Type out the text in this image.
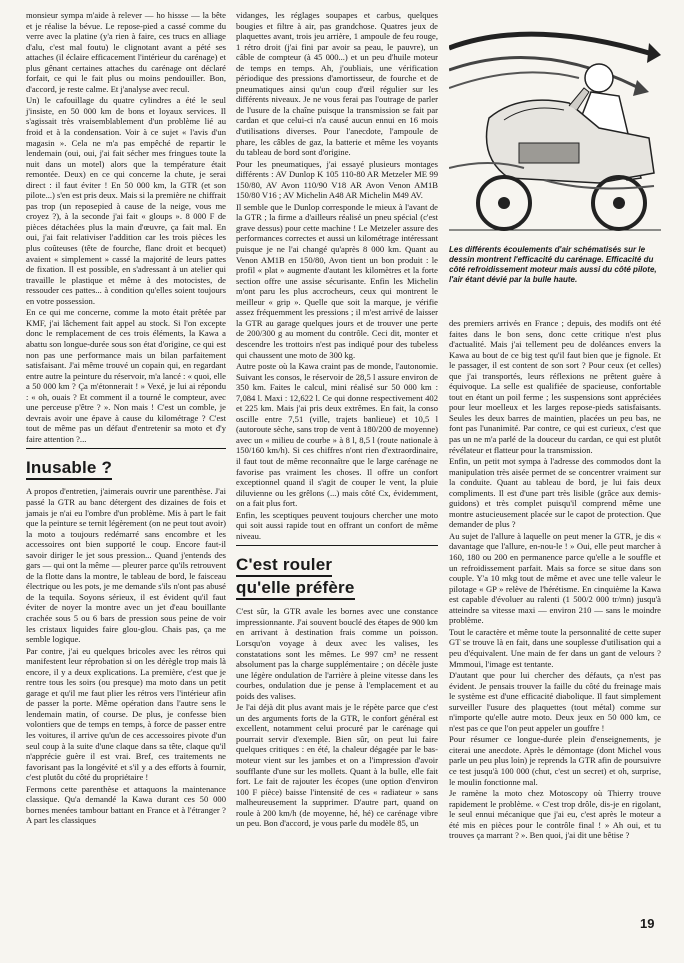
monsieur sympa m'aide à relever — ho hissse — la bête et je réalise la bévue. Le repose-pied a cassé comme du verre avec la platine (y'a rien à faire, ces trucs en alliage d'alu, c'est mal foutu) le clignotant avant a pété ses attaches (il éclaire efficacement l'intérieur du carénage) et plus gênant certaines attaches du carénage ont déclaré forfait, ce qui le fait plus ou moins pendouiller. Bon, d'accord, je reste calme. Et j'analyse avec recul.

Un) le cafouillage du quatre cylindres a été le seul j'insiste, en 50 000 km de bons et loyaux services. Il s'agissait très vraisemblablement d'un problème lié au froid et à la condensation. Voir à ce sujet « l'avis d'un magasin ». Cela ne m'a pas empêché de repartir le lendemain (oui, oui, j'ai fait sécher mes fringues toute la nuit dans un motel) alors que la température était remontée. Deux) en ce qui concerne la chute, je serai direct : il faut éviter ! En 50 000 km, la GTR (et son pilote...) s'en est pris deux. Mais si la première ne chiffrait pas trop (un reposepied à cause de la neige, vous me croyez ?), à la seconde j'ai fait « gloups ». 8 000 F de pièces détachées plus la main d'œuvre, ça fait mal. En oui, j'ai fait relativiser l'addition car les trois pièces les plus coûteuses (tête de fourche, flanc droit et becquet) avaient « simplement » cassé la majorité de leurs pattes de fixation. Il est possible, en s'adressant à un atelier qui travaille le plastique et même à des motocistes, de ressouder ces pattes... à condition qu'elles soient toujours en votre possession.

En ce qui me concerne, comme la moto était prêtée par KMF, j'ai lâchement fait appel au stock. Si l'on excepte donc le remplacement de ces trois éléments, la Kawa a abattu son longue-durée sous son état d'origine, ce qui est non pas une performance mais un bilan parfaitement satisfaisant. J'ai même trouvé un copain qui, en regardant entre autre la peinture du réservoir, m'a lancé : « quoi, elle a 50 000 km ? Ça m'étonnerait ! » Vexé, je lui ai répondu : « oh, ouais ? Et comment il a tourné le compteur, avec une perceuse p'être ? ». Non mais ! C'est un comble, je devrais avoir une épave à cause du kilométrage ? C'est tout de même pas un défaut d'entretenir sa moto et d'y faire attention ?...

Inusable ?

A propos d'entretien, j'aimerais ouvrir une parenthèse. J'ai passé la GTR au banc détergent des dizaines de fois et jamais je n'ai eu l'ombre d'un problème. Mis à part le fait que la peinture se ternit légèrement (on ne peut tout avoir) la moto a toujours redémarré sans encombre et les accessoires ont bien supporté le coup. Encore faut-il savoir diriger le jet sous pression... Quand j'entends des gars — qui ont la même — pleurer parce qu'ils retrouvent de la flotte dans la montre, le tableau de bord, le faisceau électrique ou les pots, je me demande s'ils n'ont pas abusé de la tequila. Soyons sérieux, il est évident qu'il faut éviter de noyer la montre avec un jet d'eau bouillante crachée sous 5 ou 6 bars de pression sous peine de voir les cristaux liquides faire glou-glou. Chais pas, ça me semble logique.

Par contre, j'ai eu quelques bricoles avec les rétros qui manifestent leur réprobation si on les dérègle trop mais là encore, il y a deux explications. La première, c'est que je rentre tous les soirs (ou presque) ma moto dans un petit garage et qu'il me faut plier les rétros vers l'intérieur afin de passer la porte. Même opération dans l'autre sens le lendemain matin, of course. De plus, je confesse bien volontiers que de temps en temps, à force de passer entre les voitures, il arrive qu'un de ces accessoires pivote d'un seul coup à la suite d'une claque dans sa tête, claque qu'il n'apprécie guère il est vrai. Bref, ces traitements ne favorisant pas la longévité et s'il y a des efforts à fournir, c'est plutôt du côté du propriétaire !

Fermons cette parenthèse et attaquons la maintenance classique. Qu'a demandé la Kawa durant ces 50 000 bornes menées tambour battant en France et à l'étranger ? A part les classiques

vidanges, les réglages soupapes et carbus, quelques bougies et filtre à air, pas grandchose. Quatres jeux de plaquettes avant, trois jeu arrière, 1 ampoule de feu rouge, 1 rétro droit (j'ai fini par avoir sa peau, le pauvre), un câble de compteur (à 45 000...) et un peu d'huile moteur de temps en temps. Ah, j'oubliais, une vérification périodique des pressions d'amortisseur, de fourche et de pneumatiques ainsi qu'un coup d'œil régulier sur les différents niveaux. Je ne vous ferai pas l'outrage de parler de l'usure de la chaîne puisque la transmission se fait par cardan et que celui-ci n'a causé aucun ennui en 16 mois d'utilisations diverses. Pour l'anecdote, l'ampoule de phare, les câbles de gaz, la batterie et même les voyants du tableau de bord sont d'origine.

Pour les pneumatiques, j'ai essayé plusieurs montages différents : AV Dunlop K 105 110-80 AR Metzeler ME 99 150/80, AV Avon 110/90 V18 AR Avon Venon AM1B 150/80 V16 ; AV Michelin A48 AR Michelin M49 AV.

Il semble que le Dunlop corresponde le mieux à l'avant de la GTR ; la firme a d'ailleurs réalisé un pneu spécial (c'est grave dessus) pour cette machine ! Le Metzeler assure des performances correctes et aussi un kilométrage intéressant puisque je ne l'ai changé qu'après 8 000 km. Quant au Venon AM1B en 150/80, Avon tient un bon produit : le profil « plat » augmente d'autant les kilomètres et la forte section offre une assise sécurisante. Enfin les Michelin m'ont paru les plus accrocheurs, ceux qui montrent le meilleur « grip ». Quelle que soit la marque, je vérifie assez fréquemment les pressions ; il m'est arrivé de laisser la GTR au garage quelques jours et de trouver une perte de 200/300 g au moment du contrôle. Ceci dit, monter et descendre les trottoirs n'est pas indiqué pour des tubeless qui chaussent une moto de 300 kg.

Autre poste où la Kawa craint pas de monde, l'autonomie. Suivant les consos, le réservoir de 28,5 l assure environ de 350 km. Faites le calcul, mini réalisé sur 50 000 km : 7,084 l. Maxi : 12,622 l. Ce qui donne respectivement 402 et 225 km. Mais j'ai pris deux extrêmes. En fait, la conso oscille entre 7,51 (ville, trajets banlieue) et 10,5 l (autoroute sèche, sans trop de vent à 180/200 de moyenne) avec un « milieu de courbe » à 8 l, 8,5 l (route nationale à 150/160 km/h). Si ces chiffres n'ont rien d'extraordinaire, il faut tout de même reconnaître que le large carénage ne favorise pas vraiment les choses. Il offre un confort exceptionnel quand il s'agit de couper le vent, la pluie diluvienne ou les grêlons (...) mais côté Cx, évidemment, on a fait plus fort.

Enfin, les sceptiques peuvent toujours chercher une moto qui soit aussi rapide tout en offrant un confort de même niveau.

C'est rouler
qu'elle préfère

C'est sûr, la GTR avale les bornes avec une constance impressionnante. J'ai souvent bouclé des étapes de 900 km en arrivant à destination frais comme un poisson. Lorsqu'on voyage à deux avec les valises, les constatations sont les mêmes. Le 997 cm³ ne ressent absolument pas la charge supplémentaire ; on décèle juste une légère ondulation de l'arrière à pleine vitesse dans les courbes, ondulation due je pense à l'emplacement et au poids des valises.

Je l'ai déjà dit plus avant mais je le répète parce que c'est un des arguments forts de la GTR, le confort général est excellent, notamment celui procuré par le carénage qui pourrait servir d'exemple. Bien sûr, on peut lui faire quelques critiques : en été, la chaleur dégagée par le bas-moteur vient sur les jambes et on a l'impression d'avoir soufflante d'une sur les mollets. Quant à la bulle, elle fait fort. Le fait de rajouter les écopes (une option d'environ 100 F pièce) baisse l'intensité de ces « radiateur » sans malheureusement la supprimer. D'autre part, quand on roule à 200 km/h (de moyenne, hé, hé) ce carénage vibre un peu. Bon d'accord, je vous parle du modèle 85, un

Les différents écoulements d'air schématisés sur le dessin montrent l'efficacité du carénage. Efficacité du côté refroidissement moteur mais aussi du côté pilote, l'air étant dévié par la bulle haute.

des premiers arrivés en France ; depuis, des modifs ont été faites dans le bon sens, donc cette critique n'est plus d'actualité. Mais j'ai tellement peu de doléances envers la Kawa au bout de ce big test qu'il faut bien que je fignole. Et le passager, il est content de son sort ? Pour ceux (et celles) que j'ai transportés, leurs réflexions ne prêtent guère à équivoque. La selle est qualifiée de spacieuse, confortable tout en étant un poil ferme ; les suspensions sont appréciées pour leur moelleux et les larges repose-pieds satisfaisants. Seules les deux barres de maintien, placées un peu bas, ne font pas l'unanimité. Par contre, ce qui est curieux, c'est que pas un ne m'a parlé de la douceur du cardan, ce qui est plutôt révélateur et flatteur pour la transmission.

Enfin, un petit mot sympa à l'adresse des commodos dont la manipulation très aisée permet de se concentrer vraiment sur la conduite. Quant au tableau de bord, je lui fais deux compliments. Il est d'une part très lisible (grâce aux demis-guidons) et très complet puisqu'il comprend même une montre astucieusement placée sur le capot de protection. Que demander de plus ?

Au sujet de l'allure à laquelle on peut mener la GTR, je dis « davantage que l'allure, en-nou-le ! » Oui, elle peut marcher à 160, 180 ou 200 en permanence parce qu'elle a le souffle et un refroidissement parfait. Mais sa force se situe dans son couple. Y'a 10 mkg tout de même et avec une telle valeur le pilotage « GP » relève de l'hérétisme. En cinquième la Kawa est capable d'évoluer au ralenti (1 500/2 000 tr/mn) jusqu'à atteindre sa vitesse maxi — environ 210 — sans le moindre problème.

Tout le caractère et même toute la personnalité de cette super GT se trouve là en fait, dans une souplesse d'utilisation qui a peu d'équivalent. Une main de fer dans un gant de velours ? Mmmoui, l'image est tentante.

D'autant que pour lui chercher des défauts, ça n'est pas évident. Je pensais trouver la faille du côté du freinage mais le système est d'une efficacité diabolique. Il faut simplement surveiller l'usure des plaquettes (tout métal) comme sur n'importe qu'elle autre moto. Deux jeux en 50 000 km, ce n'est pas ce que l'on peut appeler un gouffre !

Pour résumer ce longue-durée plein d'enseignements, je citerai une anecdote. Après le démontage (dont Michel vous parle un peu plus loin) je reprends la GTR afin de poursuivre ce test jusqu'à 100 000 (chut, c'est un secret) et oh, surprise, le moulin fonctionne mal.

Je ramène la moto chez Motoscopy où Thierry trouve rapidement le problème. « C'est trop drôle, dis-je en rigolant, le seul ennui mécanique que j'ai eu, c'est après le moteur a été mis en pièces pour le contrôle final ! » Ah oui, et tu trouves ça marrant ? ». Ben quoi, j'ai dit une bêtise ?

19
